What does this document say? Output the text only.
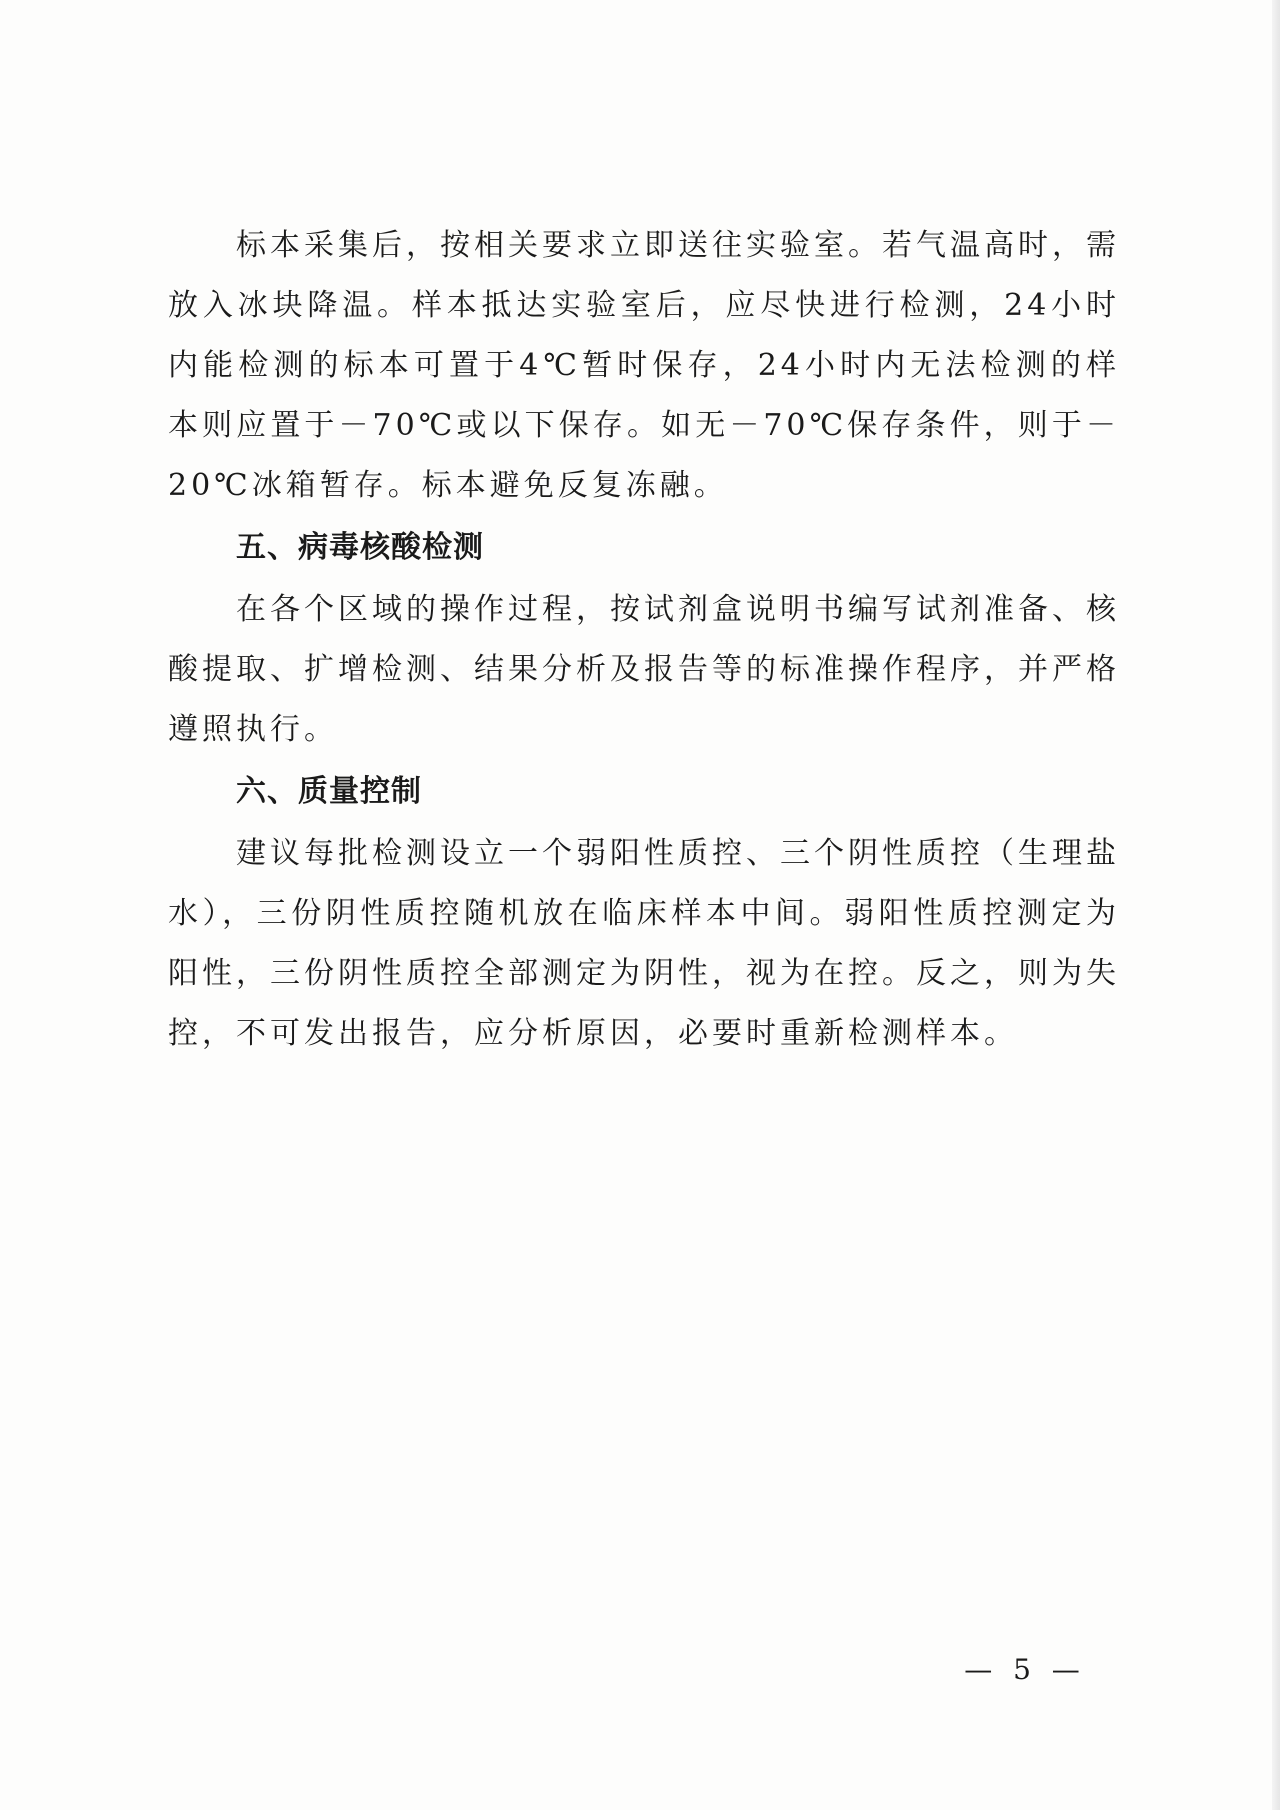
标本采集后，按相关要求立即送往实验室。若气温高时，需放入冰块降温。样本抵达实验室后，应尽快进行检测，24小时内能检测的标本可置于4℃暂时保存，24小时内无法检测的样本则应置于－70℃或以下保存。如无－70℃保存条件，则于－20℃冰箱暂存。标本避免反复冻融。

五、病毒核酸检测

在各个区域的操作过程，按试剂盒说明书编写试剂准备、核酸提取、扩增检测、结果分析及报告等的标准操作程序，并严格遵照执行。

六、质量控制

建议每批检测设立一个弱阳性质控、三个阴性质控（生理盐水），三份阴性质控随机放在临床样本中间。弱阳性质控测定为阳性，三份阴性质控全部测定为阴性，视为在控。反之，则为失控，不可发出报告，应分析原因，必要时重新检测样本。

— 5 —
